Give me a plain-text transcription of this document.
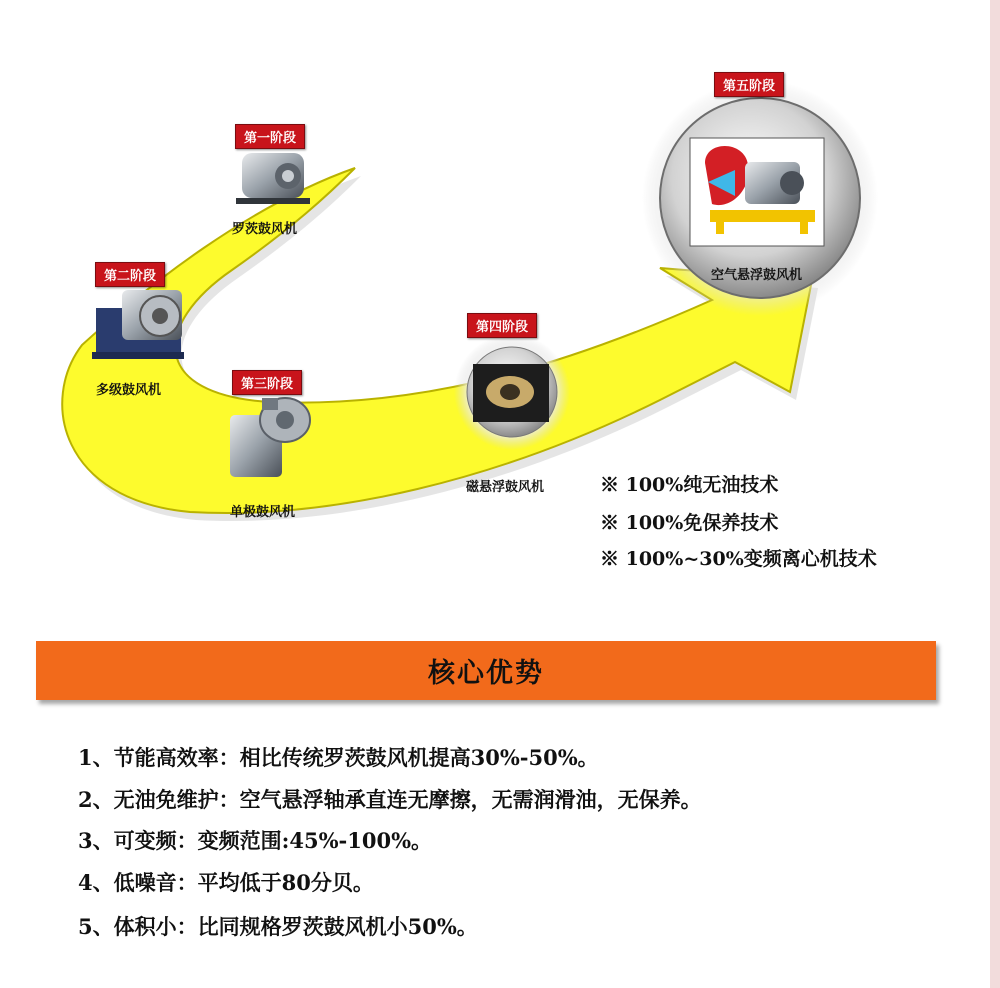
第一阶段
罗茨鼓风机
第二阶段
多级鼓风机	第三阶段
单极鼓风机
第四阶段
磁悬浮鼓风机
第五阶段
空气悬浮鼓风机
※ 100%纯无油技术
※ 100%免保养技术
※ 100%~30%变频离心机技术
核心优势
1、节能高效率：相比传统罗茨鼓风机提高30%-50%。
2、无油免维护：空气悬浮轴承直连无摩擦，无需润滑油，无保养。
3、可变频：变频范围:45%-100%。
4、低噪音：平均低于80分贝。
5、体积小：比同规格罗茨鼓风机小50%。
